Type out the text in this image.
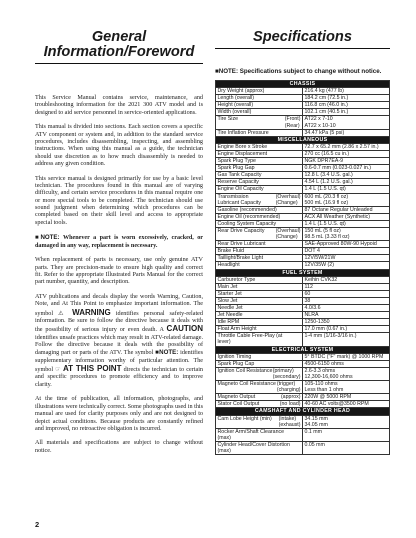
General
Information/Foreword

This Service Manual contains service, maintenance, and troubleshooting information for the 2021 300 ATV model and is designed to aid service personnel in service-oriented applications.

This manual is divided into sections. Each section covers a specific ATV component or system and, in addition to the standard service procedures, includes disassembling, inspecting, and assembling instructions. When using this manual as a guide, the technician should use discretion as to how much disassembly is needed to address any given condition.

This service manual is designed primarily for use by a basic level technician. The procedures found in this manual are of varying difficulty, and certain service procedures in this manual require one or more special tools to be completed. The technician should use sound judgment when determining which procedures can be completed based on their skill level and access to appropriate special tools.

■NOTE: Whenever a part is worn excessively, cracked, or damaged in any way, replacement is necessary.

When replacement of parts is necessary, use only genuine ATV parts. They are precision-made to ensure high quality and correct fit. Refer to the appropriate Illustrated Parts Manual for the correct part number, quantity, and description.

ATV publications and decals display the words Warning, Caution, Note, and At This Point to emphasize important information. The symbol ⚠ WARNING identifies personal safety-related information. Be sure to follow the directive because it deals with the possibility of serious injury or even death. A CAUTION identifies unsafe practices which may result in ATV-related damage. Follow the directive because it deals with the possibility of damaging part or parts of the ATV. The symbol ■NOTE: identifies supplementary information worthy of particular attention. The symbol ☞ AT THIS POINT directs the technician to certain and specific procedures to promote efficiency and to improve clarity.

At the time of publication, all information, photographs, and illustrations were technically correct. Some photographs used in this manual are used for clarity purposes only and are not designed to depict actual conditions. Because products are constantly refined and improved, no retroactive obligation is incurred.

All materials and specifications are subject to change without notice.

Specifications
■NOTE: Specifications subject to change without notice.
CHASSIS	
Dry Weight (approx)	216.4 kg (477 lb)
Length (overall)	184.2 cm (72.5 in.)
Height (overall)	116.8 cm (46.0 in.)
Width (overall)	102.1 cm (40.5 in.)

(Front)
(Rear)
Tire Size	AT22 x 7-10
AT22 x 10-10
Tire Inflation Pressure	34.47 kPa (5 psi)
MISCELLANEOUS	
Engine Bore x Stroke	72.7 x 65.2 mm (2.86 x 2.57 in.)
Engine Displacement	270 cc (16.5 cu in.)
Spark Plug Type	NGK DPR7EA-9
Spark Plug Gap	0.6-0.7 mm (0.023-0.027 in.)
Gas Tank Capacity	12.8 L (3.4 U.S. gal.)
Reserve Capacity	4.54 L (1.2 U.S. gal.)
Engine Oil Capacity	1.4 L (1.5 U.S. qt)

(Overhaul)
(Change)
Transmission
Lubricant Capacity	600 mL (20.3 fl oz)
500 mL (16.9 fl oz)
Gasoline (recommended)	87 Octane Regular Unleaded
Engine Oil (recommended)	ACX All Weather (Synthetic)
Cooling System Capacity	1.4 L (1.5 U.S. qt)

(Overhaul)
(Change)
Rear Drive Capacity	150 mL (5 fl oz)
98.5 mL (3.33 fl oz)
Rear Drive Lubricant	SAE-Approved 80W-90 Hypoid
Brake Fluid	DOT 4
Taillight/Brake Light	12V/5W/21W
Headlight	12V/35W (2)
FUEL SYSTEM	
Carburetor Type	Keihin CVK32
Main Jet	112
Starter Jet	60
Slow Jet	38
Needle Jet	4.0/3.6
Jet Needle	NLRA
Idle RPM	1250-1350
Float Arm Height	17.0 mm (0.67 in.)
Throttle Cable Free-Play (at
lever)	1-4 mm (1/16-3/16 in.)
ELECTRICAL SYSTEM	
Ignition Timing	5° BTDC ("F" mark) @ 1000 RPM
Spark Plug Cap	4500-6150 ohms

(primary)
(secondary)
Ignition Coil Resistance	2.6-3.3 ohms
12,300-16,600 ohms

(trigger)
(charging)
Magneto Coil Resistance	105-110 ohms
Less than 1 ohm

(approx)
Magneto Output	220W @ 5000 RPM

(no load)
Stator Coil Output	40-60 AC volts@3500 RPM
CAMSHAFT AND CYLINDER HEAD	

(intake)
(exhaust)
Cam Lobe Height (min)	34.15 mm
34.05 mm
Rocker Arm/Shaft Clearance
(max)	0.1 mm
Cylinder Head/Cover Distortion
(max)	0.05 mm
2
